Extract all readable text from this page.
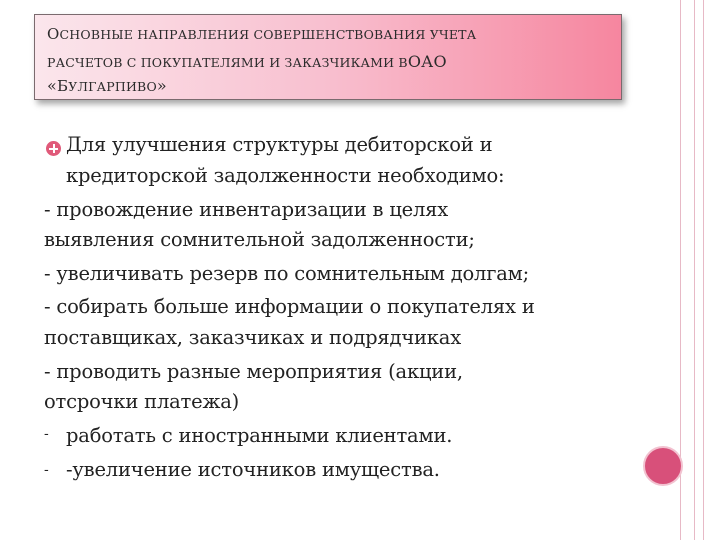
ОСНОВНЫЕ НАПРАВЛЕНИЯ СОВЕРШЕНСТВОВАНИЯ УЧЕТА
РАСЧЕТОВ С ПОКУПАТЕЛЯМИ И ЗАКАЗЧИКАМИ ВОАО
«БУЛГАРПИВО»
Для улучшения структуры дебиторской и
кредиторской задолженности необходимо:
- провождение инвентаризации в целях
выявления сомнительной задолженности;
- увеличивать резерв по сомнительным долгам;
- собирать больше информации о покупателях и
поставщиках, заказчиках и подрядчиках
- проводить разные мероприятия (акции,
отсрочки платежа)
- работать с иностранными клиентами.
- -увеличение источников имущества.
